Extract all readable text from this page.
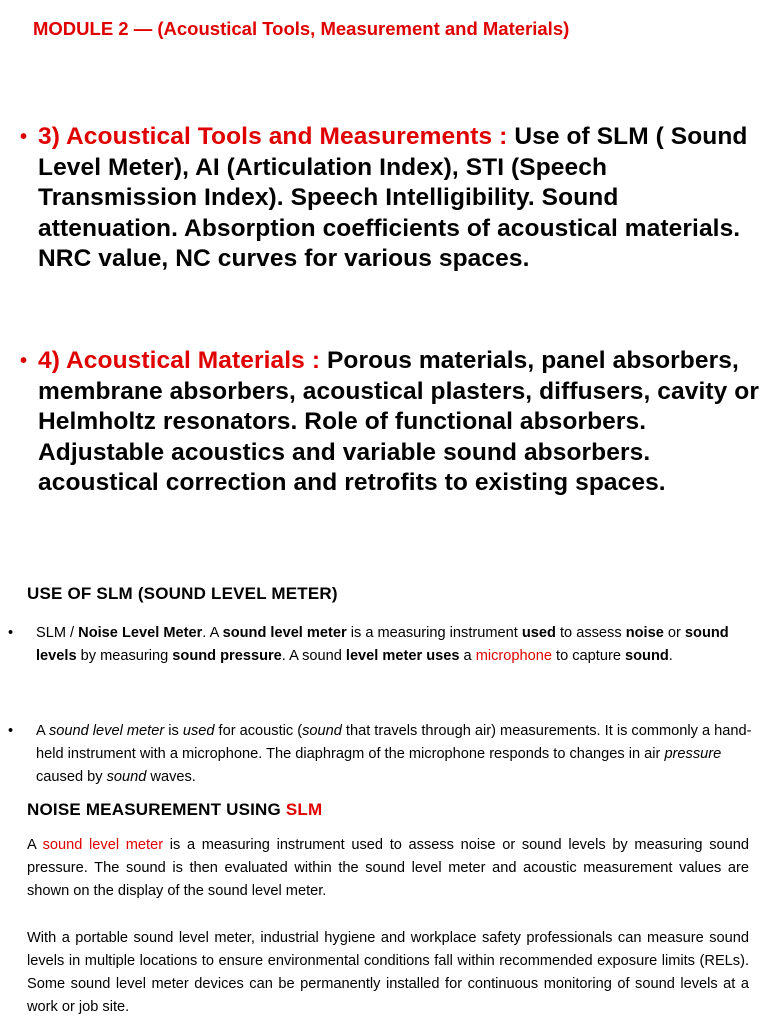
MODULE 2 — (Acoustical Tools, Measurement and Materials)
• 3) Acoustical Tools and Measurements : Use of SLM ( Sound Level Meter), AI (Articulation Index), STI (Speech Transmission Index). Speech Intelligibility. Sound attenuation. Absorption coefficients of acoustical materials. NRC value, NC curves for various spaces.
• 4) Acoustical Materials : Porous materials, panel absorbers, membrane absorbers, acoustical plasters, diffusers, cavity or Helmholtz resonators. Role of functional absorbers. Adjustable acoustics and variable sound absorbers. acoustical correction and retrofits to existing spaces.
USE OF SLM (SOUND LEVEL METER)
• SLM / Noise Level Meter. A sound level meter is a measuring instrument used to assess noise or sound levels by measuring sound pressure. A sound level meter uses a microphone to capture sound.
• A sound level meter is used for acoustic (sound that travels through air) measurements. It is commonly a hand-held instrument with a microphone. The diaphragm of the microphone responds to changes in air pressure caused by sound waves.
NOISE MEASUREMENT USING SLM
A sound level meter is a measuring instrument used to assess noise or sound levels by measuring sound pressure. The sound is then evaluated within the sound level meter and acoustic measurement values are shown on the display of the sound level meter.
With a portable sound level meter, industrial hygiene and workplace safety professionals can measure sound levels in multiple locations to ensure environmental conditions fall within recommended exposure limits (RELs). Some sound level meter devices can be permanently installed for continuous monitoring of sound levels at a work or job site.
